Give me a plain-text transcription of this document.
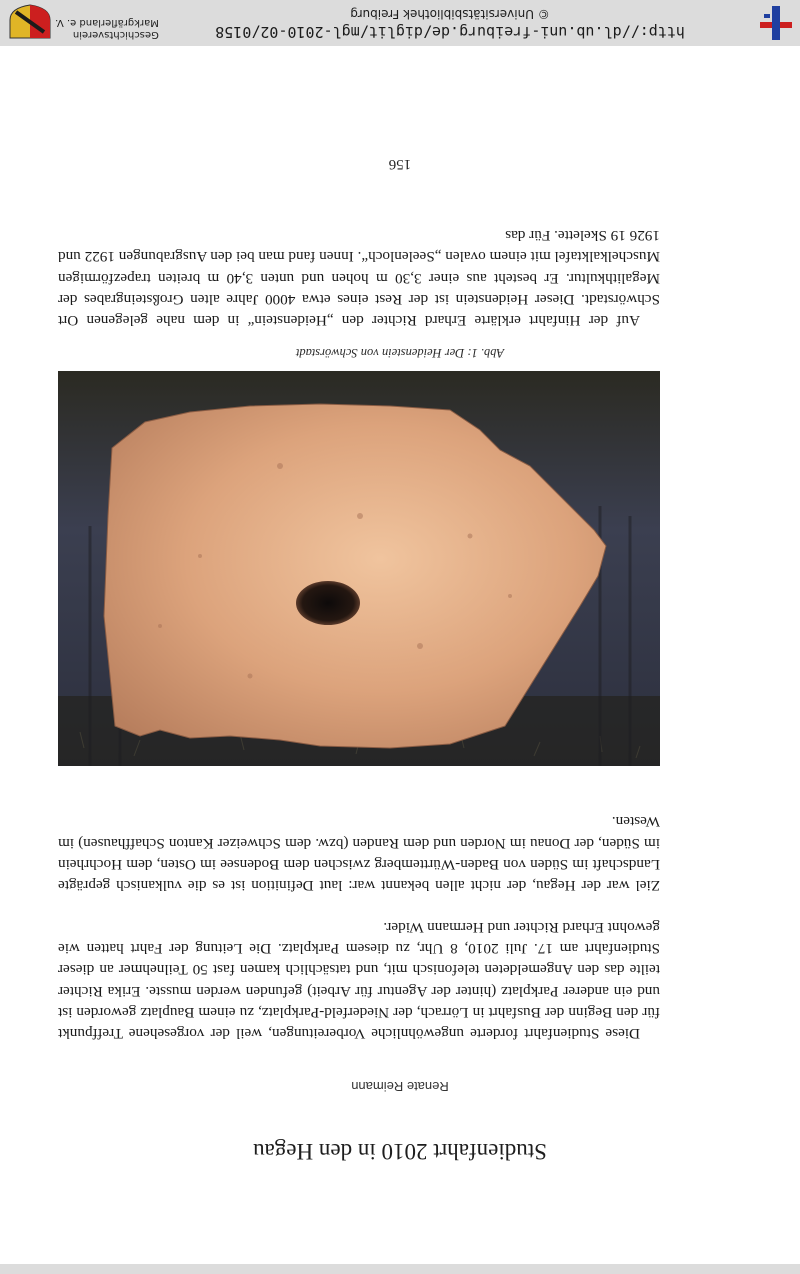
Studienfahrt 2010 in den Hegau
Renate Reimann

Diese Studienfahrt forderte ungewöhnliche Vorbereitungen, weil der vorgesehene Treffpunkt für den Beginn der Busfahrt in Lörrach, der Niederfeld-Parkplatz, zu einem Bauplatz geworden ist und ein anderer Parkplatz (hinter der Agentur für Arbeit) gefunden werden musste. Erika Richter teilte das den Angemeldeten telefonisch mit, und tatsächlich kamen fast 50 Teilnehmer an dieser Studienfahrt am 17. Juli 2010, 8 Uhr, zu diesem Parkplatz. Die Leitung der Fahrt hatten wie gewohnt Erhard Richter und Hermann Wider.

Ziel war der Hegau, der nicht allen bekannt war: laut Definition ist es die vulkanisch geprägte Landschaft im Süden von Baden-Württemberg zwischen dem Bodensee im Osten, dem Hochrhein im Süden, der Donau im Norden und dem Randen (bzw. dem Schweizer Kanton Schaffhausen) im Westen.

Abb. 1: Der Heidenstein von Schwörstadt

Auf der Hinfahrt erklärte Erhard Richter den „Heidenstein“ in dem nahe gelegenen Ort Schwörstadt. Dieser Heidenstein ist der Rest eines etwa 4000 Jahre alten Großsteingrabes der Megalithkultur. Er besteht aus einer 3,30 m hohen und unten 3,40 m breiten trapezförmigen Muschelkalktafel mit einem ovalen „Seelenloch“. Innen fand man bei den Ausgrabungen 1922 und 1926 19 Skelette. Für das

156
http://dl.ub.uni-freiburg.de/diglit/mgl-2010-02/0158
© Universitätsbibliothek Freiburg
Geschichtsverein
Markgräflerland e. V.
